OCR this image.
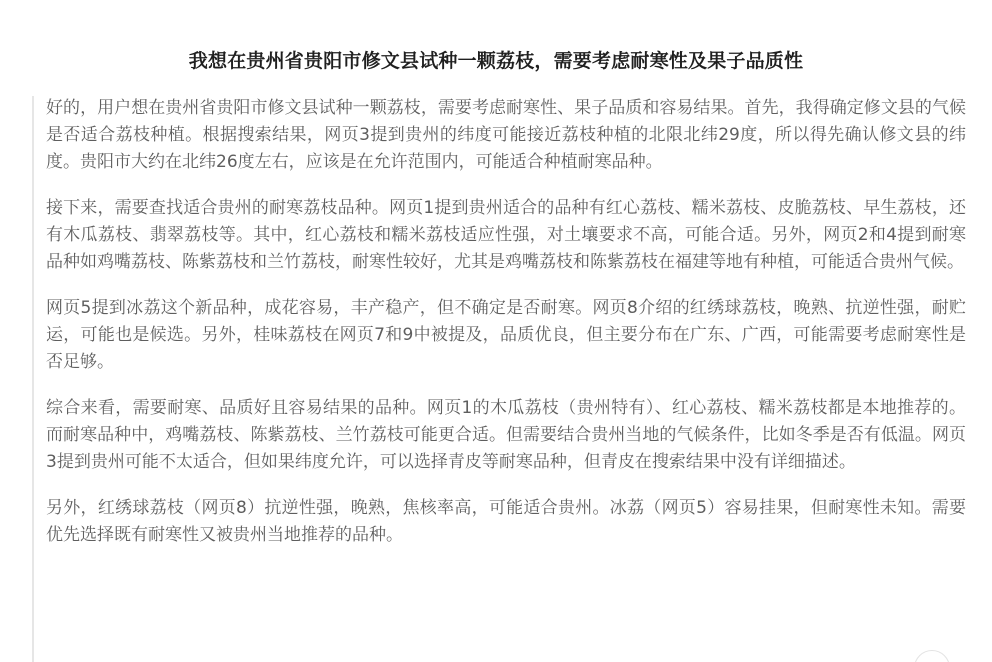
我想在贵州省贵阳市修文县试种一颗荔枝，需要考虑耐寒性及果子品质性

好的，用户想在贵州省贵阳市修文县试种一颗荔枝，需要考虑耐寒性、果子品质和容易结果。首先，我得确定修文县的气候是否适合荔枝种植。根据搜索结果，网页3提到贵州的纬度可能接近荔枝种植的北限北纬29度，所以得先确认修文县的纬度。贵阳市大约在北纬26度左右，应该是在允许范围内，可能适合种植耐寒品种。

接下来，需要查找适合贵州的耐寒荔枝品种。网页1提到贵州适合的品种有红心荔枝、糯米荔枝、皮脆荔枝、早生荔枝，还有木瓜荔枝、翡翠荔枝等。其中，红心荔枝和糯米荔枝适应性强，对土壤要求不高，可能合适。另外，网页2和4提到耐寒品种如鸡嘴荔枝、陈紫荔枝和兰竹荔枝，耐寒性较好，尤其是鸡嘴荔枝和陈紫荔枝在福建等地有种植，可能适合贵州气候。

网页5提到冰荔这个新品种，成花容易，丰产稳产，但不确定是否耐寒。网页8介绍的红绣球荔枝，晚熟、抗逆性强，耐贮运，可能也是候选。另外，桂味荔枝在网页7和9中被提及，品质优良，但主要分布在广东、广西，可能需要考虑耐寒性是否足够。

综合来看，需要耐寒、品质好且容易结果的品种。网页1的木瓜荔枝（贵州特有）、红心荔枝、糯米荔枝都是本地推荐的。而耐寒品种中，鸡嘴荔枝、陈紫荔枝、兰竹荔枝可能更合适。但需要结合贵州当地的气候条件，比如冬季是否有低温。网页3提到贵州可能不太适合，但如果纬度允许，可以选择青皮等耐寒品种，但青皮在搜索结果中没有详细描述。

另外，红绣球荔枝（网页8）抗逆性强，晚熟，焦核率高，可能适合贵州。冰荔（网页5）容易挂果，但耐寒性未知。需要优先选择既有耐寒性又被贵州当地推荐的品种。
